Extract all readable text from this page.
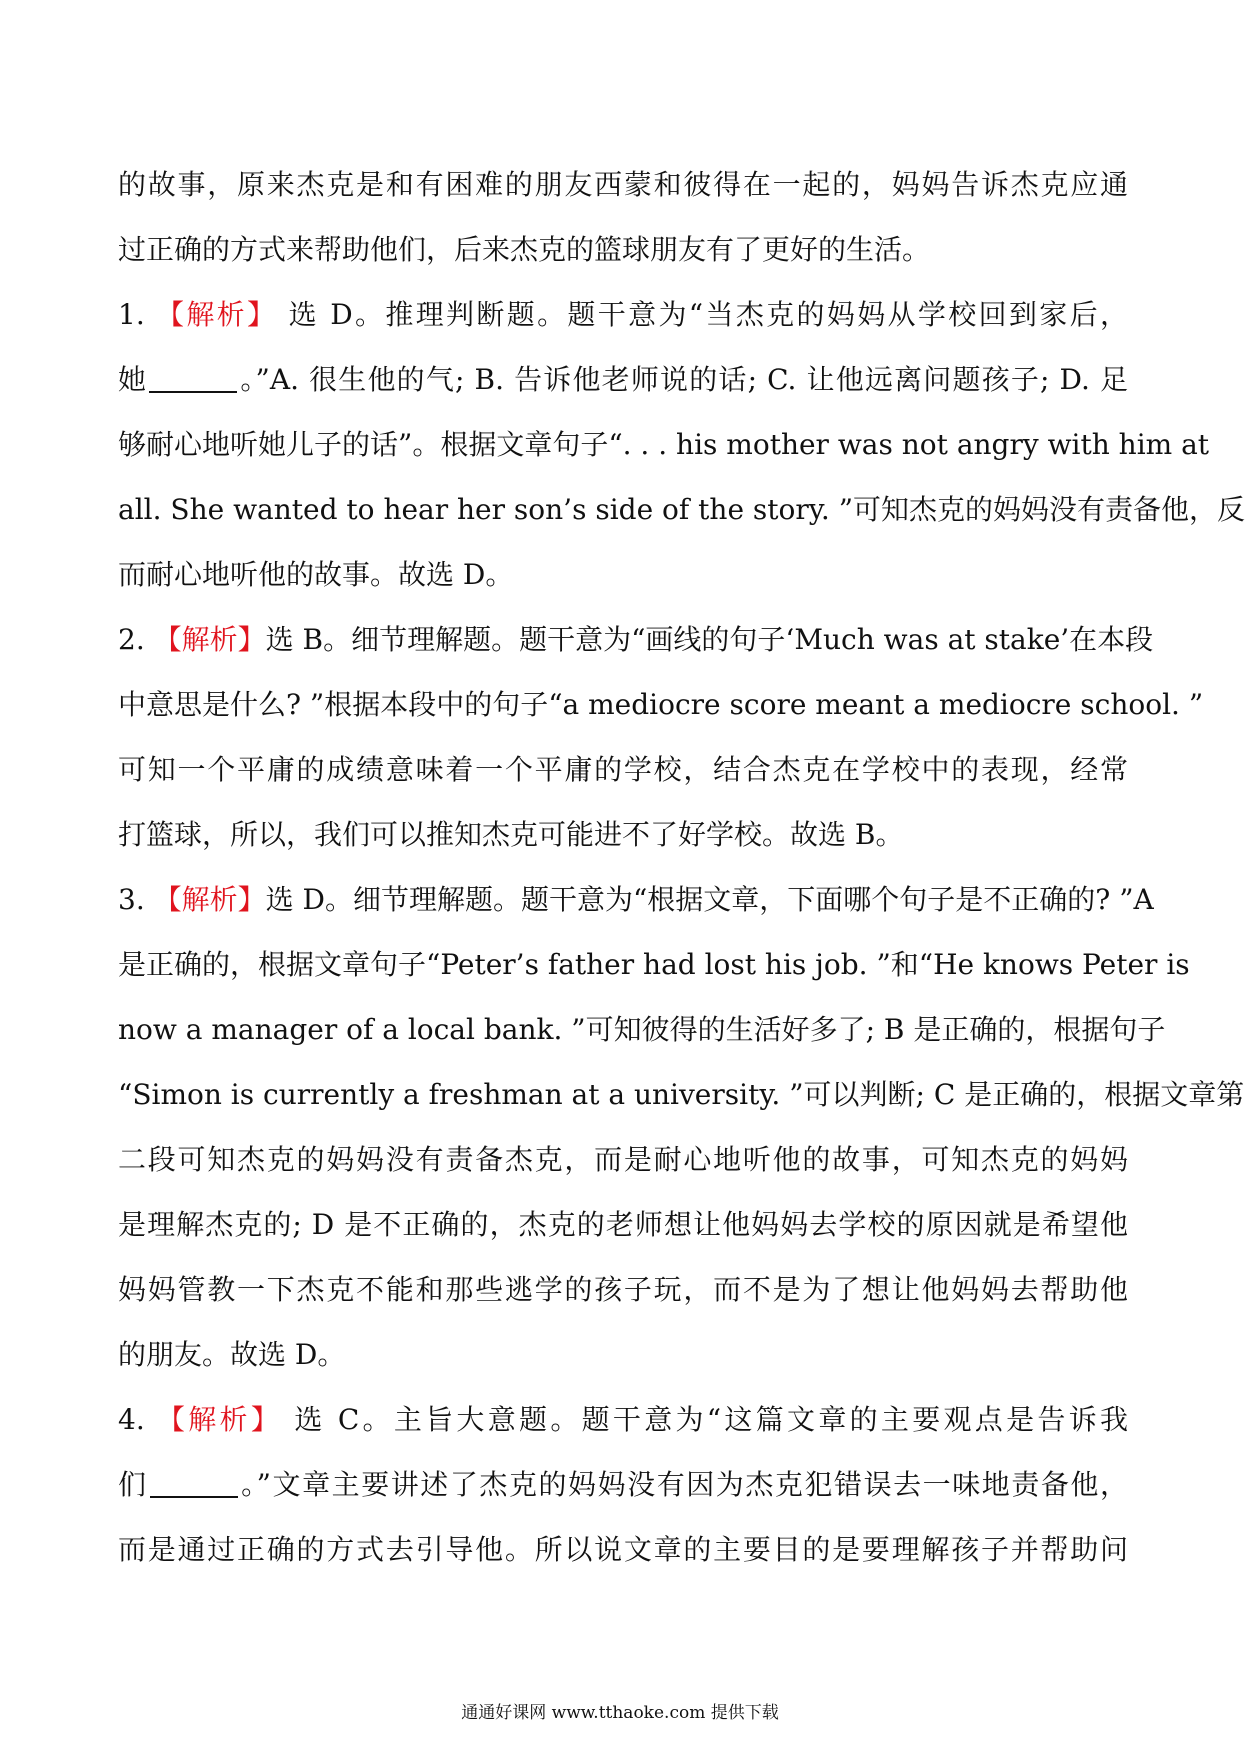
的故事，原来杰克是和有困难的朋友西蒙和彼得在一起的，妈妈告诉杰克应通
过正确的方式来帮助他们，后来杰克的篮球朋友有了更好的生活。
1. 【解析】 选 D。推理判断题。题干意为“当杰克的妈妈从学校回到家后，
她	。”A. 很生他的气; B. 告诉他老师说的话; C. 让他远离问题孩子; D. 足
够耐心地听她儿子的话”。根据文章句子“. . . his mother was not angry with him at
all. She wanted to hear her son’s side of the story. ”可知杰克的妈妈没有责备他，反
而耐心地听他的故事。故选 D。
2. 【解析】选 B。细节理解题。题干意为“画线的句子‘Much was at stake’在本段
中意思是什么? ”根据本段中的句子“a mediocre score meant a mediocre school. ”
可知一个平庸的成绩意味着一个平庸的学校，结合杰克在学校中的表现，经常
打篮球，所以，我们可以推知杰克可能进不了好学校。故选 B。
3. 【解析】选 D。细节理解题。题干意为“根据文章，下面哪个句子是不正确的? ”A
是正确的，根据文章句子“Peter’s father had lost his job. ”和“He knows Peter is
now a manager of a local bank. ”可知彼得的生活好多了; B 是正确的，根据句子
“Simon is currently a freshman at a university. ”可以判断; C 是正确的，根据文章第
二段可知杰克的妈妈没有责备杰克，而是耐心地听他的故事，可知杰克的妈妈
是理解杰克的; D 是不正确的，杰克的老师想让他妈妈去学校的原因就是希望他
妈妈管教一下杰克不能和那些逃学的孩子玩，而不是为了想让他妈妈去帮助他
的朋友。故选 D。
4. 【解析】 选 C。主旨大意题。题干意为“这篇文章的主要观点是告诉我
们	。”文章主要讲述了杰克的妈妈没有因为杰克犯错误去一味地责备他，
而是通过正确的方式去引导他。所以说文章的主要目的是要理解孩子并帮助问
通通好课网 www.tthaoke.com 提供下载
